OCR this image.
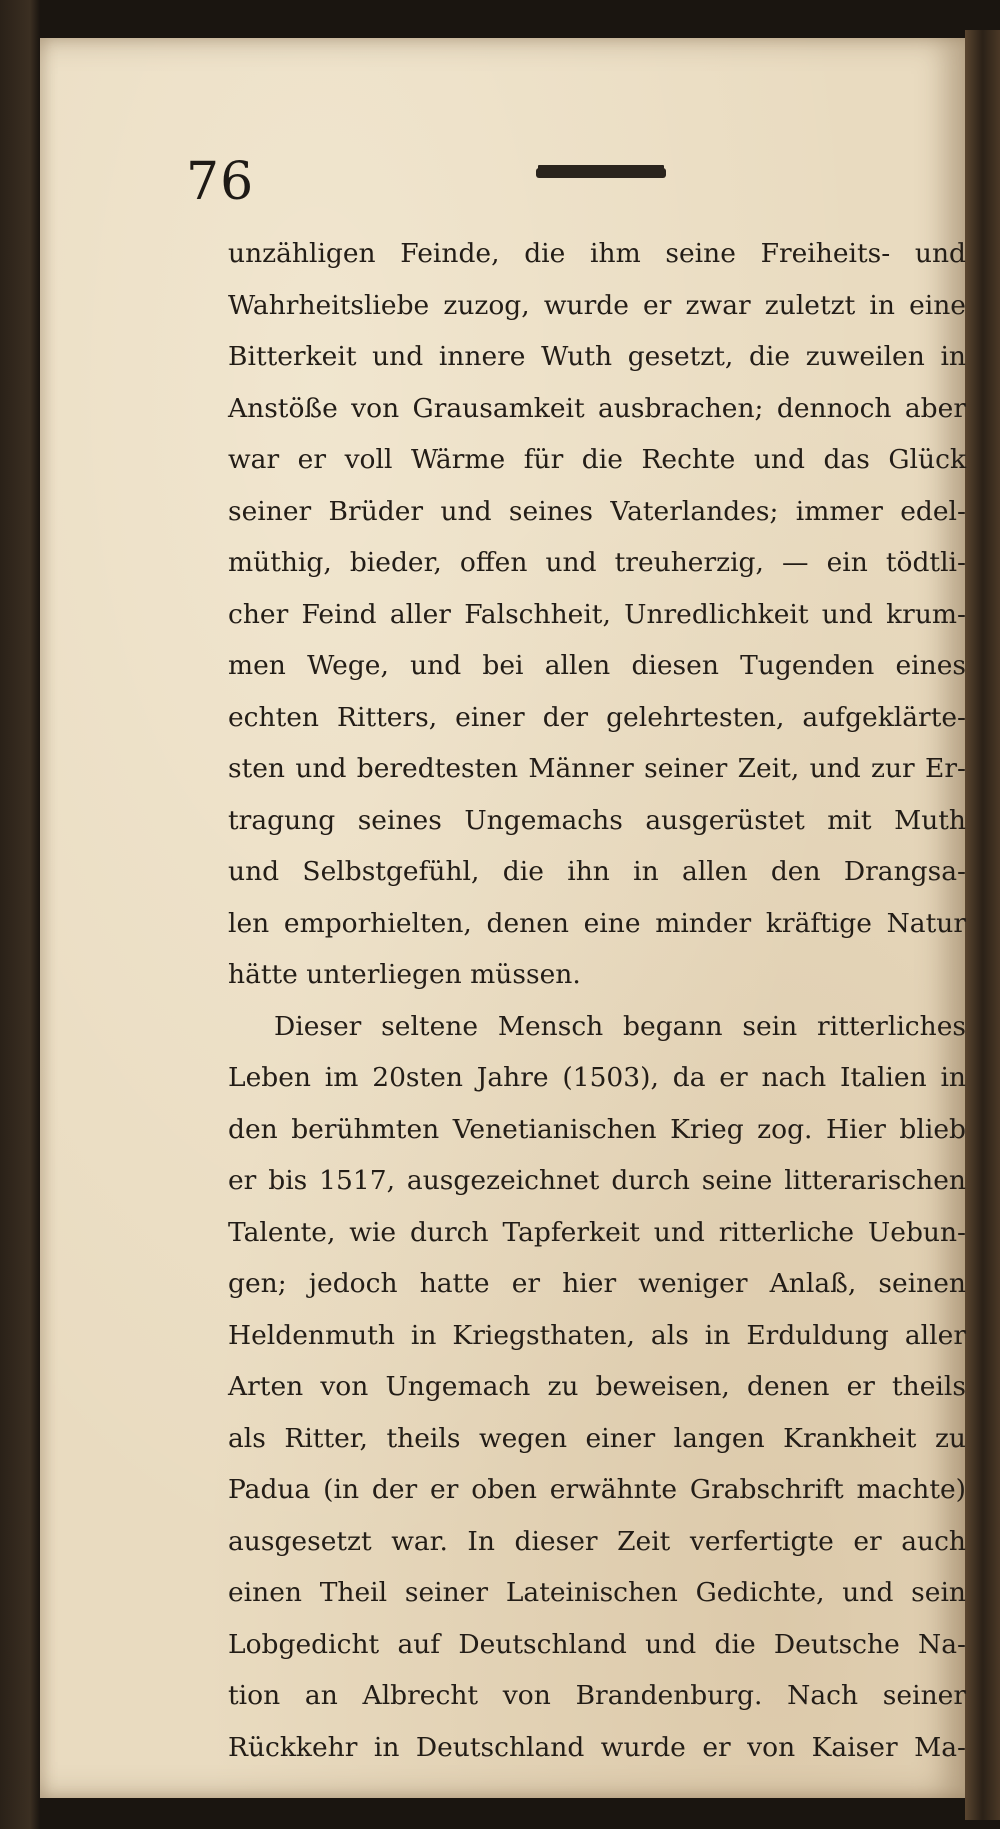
76
unzähligen Feinde, die ihm seine Freiheits- und
Wahrheitsliebe zuzog, wurde er zwar zuletzt in eine
Bitterkeit und innere Wuth gesetzt, die zuweilen in
Anstöße von Grausamkeit ausbrachen; dennoch aber
war er voll Wärme für die Rechte und das Glück
seiner Brüder und seines Vaterlandes; immer edel-
müthig, bieder, offen und treuherzig, — ein tödtli-
cher Feind aller Falschheit, Unredlichkeit und krum-
men Wege, und bei allen diesen Tugenden eines
echten Ritters, einer der gelehrtesten, aufgeklärte-
sten und beredtesten Männer seiner Zeit, und zur Er-
tragung seines Ungemachs ausgerüstet mit Muth
und Selbstgefühl, die ihn in allen den Drangsa-
len emporhielten, denen eine minder kräftige Natur
hätte unterliegen müssen.
Dieser seltene Mensch begann sein ritterliches
Leben im 20sten Jahre (1503), da er nach Italien in
den berühmten Venetianischen Krieg zog. Hier blieb
er bis 1517, ausgezeichnet durch seine litterarischen
Talente, wie durch Tapferkeit und ritterliche Uebun-
gen; jedoch hatte er hier weniger Anlaß, seinen
Heldenmuth in Kriegsthaten, als in Erduldung aller
Arten von Ungemach zu beweisen, denen er theils
als Ritter, theils wegen einer langen Krankheit zu
Padua (in der er oben erwähnte Grabschrift machte)
ausgesetzt war. In dieser Zeit verfertigte er auch
einen Theil seiner Lateinischen Gedichte, und sein
Lobgedicht auf Deutschland und die Deutsche Na-
tion an Albrecht von Brandenburg. Nach seiner
Rückkehr in Deutschland wurde er von Kaiser Ma-
